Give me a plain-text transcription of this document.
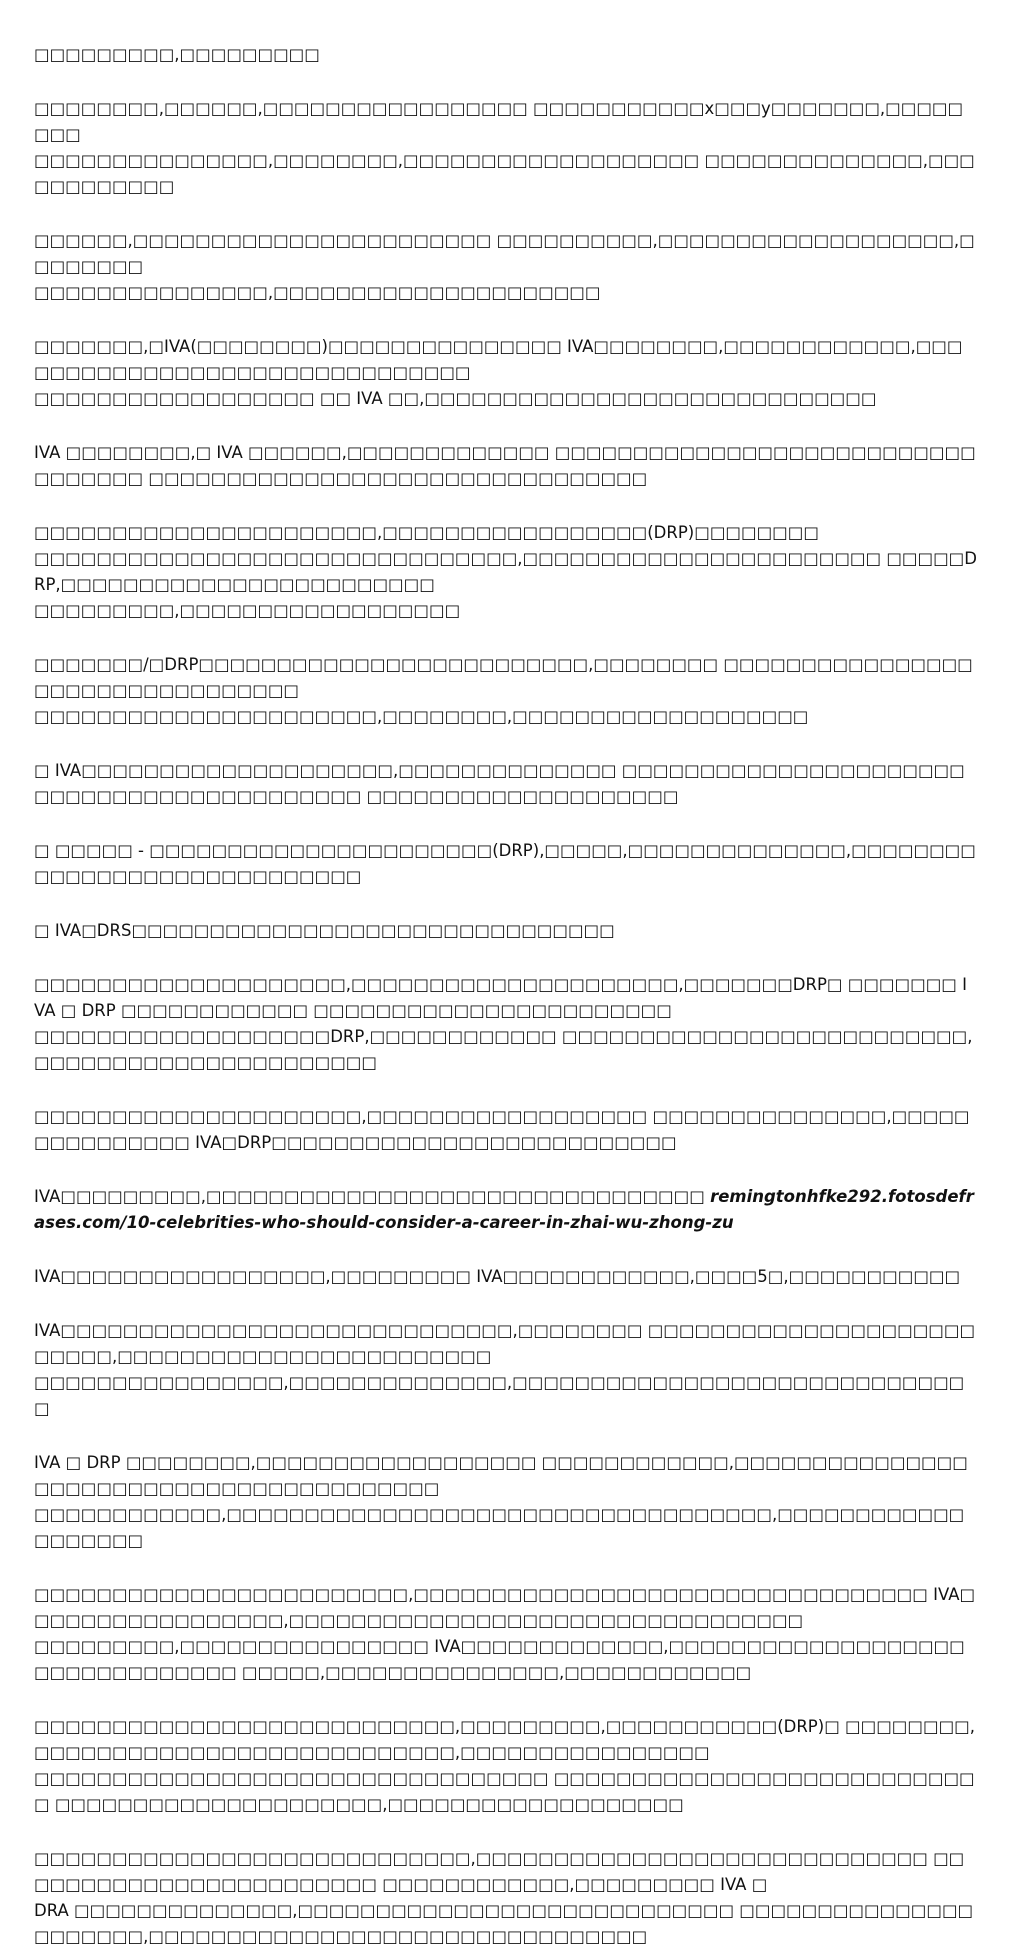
□□□□□□□□□,□□□□□□□□□

□□□□□□□□,□□□□□□,□□□□□□□□□□□□□□□□□ □□□□□□□□□□□x□□□y□□□□□□□,□□□□□□□□
□□□□□□□□□□□□□□□,□□□□□□□□,□□□□□□□□□□□□□□□□□□□ □□□□□□□□□□□□□□,□□□□□□□□□□□□

□□□□□□,□□□□□□□□□□□□□□□□□□□□□□□ □□□□□□□□□□,□□□□□□□□□□□□□□□□□□□,□□□□□□□□
□□□□□□□□□□□□□□□,□□□□□□□□□□□□□□□□□□□□□

□□□□□□□,□IVA(□□□□□□□□)□□□□□□□□□□□□□□□ IVA□□□□□□□□,□□□□□□□□□□□□,□□□□□□□□□□□□□□□□□□□□□□□□□□□□□□□
□□□□□□□□□□□□□□□□□□ □□ IVA □□,□□□□□□□□□□□□□□□□□□□□□□□□□□□□□

IVA □□□□□□□□,□ IVA □□□□□□,□□□□□□□□□□□□□ □□□□□□□□□□□□□□□□□□□□□□□□□□□□□□□□□□ □□□□□□□□□□□□□□□□□□□□□□□□□□□□□□□□

□□□□□□□□□□□□□□□□□□□□□□,□□□□□□□□□□□□□□□□□(DRP)□□□□□□□□
□□□□□□□□□□□□□□□□□□□□□□□□□□□□□□□,□□□□□□□□□□□□□□□□□□□□□□□ □□□□□DRP,□□□□□□□□□□□□□□□□□□□□□□□□
□□□□□□□□□,□□□□□□□□□□□□□□□□□□

□□□□□□□/□DRP□□□□□□□□□□□□□□□□□□□□□□□□□,□□□□□□□□ □□□□□□□□□□□□□□□□□□□□□□□□□□□□□□□□□
□□□□□□□□□□□□□□□□□□□□□□,□□□□□□□□,□□□□□□□□□□□□□□□□□□□

□ IVA□□□□□□□□□□□□□□□□□□□□,□□□□□□□□□□□□□□ □□□□□□□□□□□□□□□□□□□□□□□□□□□□□□□□□□□□□□□□□□□ □□□□□□□□□□□□□□□□□□□□

□ □□□□□ - □□□□□□□□□□□□□□□□□□□□□□(DRP),□□□□□,□□□□□□□□□□□□□□,□□□□□□□□□□□□□□□□□□□□□□□□□□□□□

□ IVA□DRS□□□□□□□□□□□□□□□□□□□□□□□□□□□□□□□

□□□□□□□□□□□□□□□□□□□□,□□□□□□□□□□□□□□□□□□□□□,□□□□□□□DRP□ □□□□□□□ IVA □ DRP □□□□□□□□□□□□ □□□□□□□□□□□□□□□□□□□□□□□
□□□□□□□□□□□□□□□□□□□DRP,□□□□□□□□□□□□ □□□□□□□□□□□□□□□□□□□□□□□□□□,□□□□□□□□□□□□□□□□□□□□□□

□□□□□□□□□□□□□□□□□□□□□,□□□□□□□□□□□□□□□□□□ □□□□□□□□□□□□□□□,□□□□□□□□□□□□□□□ IVA□DRP□□□□□□□□□□□□□□□□□□□□□□□□□□

IVA□□□□□□□□□,□□□□□□□□□□□□□□□□□□□□□□□□□□□□□□□□ remingtonhfke292.fotosdefrases.com/10-celebrities-who-should-consider-a-career-in-zhai-wu-zhong-zu

IVA□□□□□□□□□□□□□□□□□,□□□□□□□□□ IVA□□□□□□□□□□□□,□□□□5□,□□□□□□□□□□□

IVA□□□□□□□□□□□□□□□□□□□□□□□□□□□□□,□□□□□□□□ □□□□□□□□□□□□□□□□□□□□□□□□□□,□□□□□□□□□□□□□□□□□□□□□□□□
□□□□□□□□□□□□□□□□,□□□□□□□□□□□□□□,□□□□□□□□□□□□□□□□□□□□□□□□□□□□□□

IVA □ DRP □□□□□□□□,□□□□□□□□□□□□□□□□□□ □□□□□□□□□□□□,□□□□□□□□□□□□□□□□□□□□□□□□□□□□□□□□□□□□□□□□□
□□□□□□□□□□□□,□□□□□□□□□□□□□□□□□□□□□□□□□□□□□□□□□□□,□□□□□□□□□□□□□□□□□□□

□□□□□□□□□□□□□□□□□□□□□□□□,□□□□□□□□□□□□□□□□□□□□□□□□□□□□□□□□□ IVA□□□□□□□□□□□□□□□□□,□□□□□□□□□□□□□□□□□□□□□□□□□□□□□□□□□
□□□□□□□□□,□□□□□□□□□□□□□□□□ IVA□□□□□□□□□□□□□,□□□□□□□□□□□□□□□□□□□□□□□□□□□□□□□□ □□□□□,□□□□□□□□□□□□□□□,□□□□□□□□□□□□

□□□□□□□□□□□□□□□□□□□□□□□□□□□,□□□□□□□□□,□□□□□□□□□□□(DRP)□ □□□□□□□□,□□□□□□□□□□□□□□□□□□□□□□□□□□□,□□□□□□□□□□□□□□□□
□□□□□□□□□□□□□□□□□□□□□□□□□□□□□□□□□ □□□□□□□□□□□□□□□□□□□□□□□□□□□□ □□□□□□□□□□□□□□□□□□□□□,□□□□□□□□□□□□□□□□□□□

□□□□□□□□□□□□□□□□□□□□□□□□□□□□,□□□□□□□□□□□□□□□□□□□□□□□□□□□□□ □□□□□□□□□□□□□□□□□□□□□□□□ □□□□□□□□□□□□,□□□□□□□□□ IVA □
DRA □□□□□□□□□□□□□□,□□□□□□□□□□□□□□□□□□□□□□□□□□□□ □□□□□□□□□□□□□□□□□□□□□□,□□□□□□□□□□□□□□□□□□□□□□□□□□□□□□□□
